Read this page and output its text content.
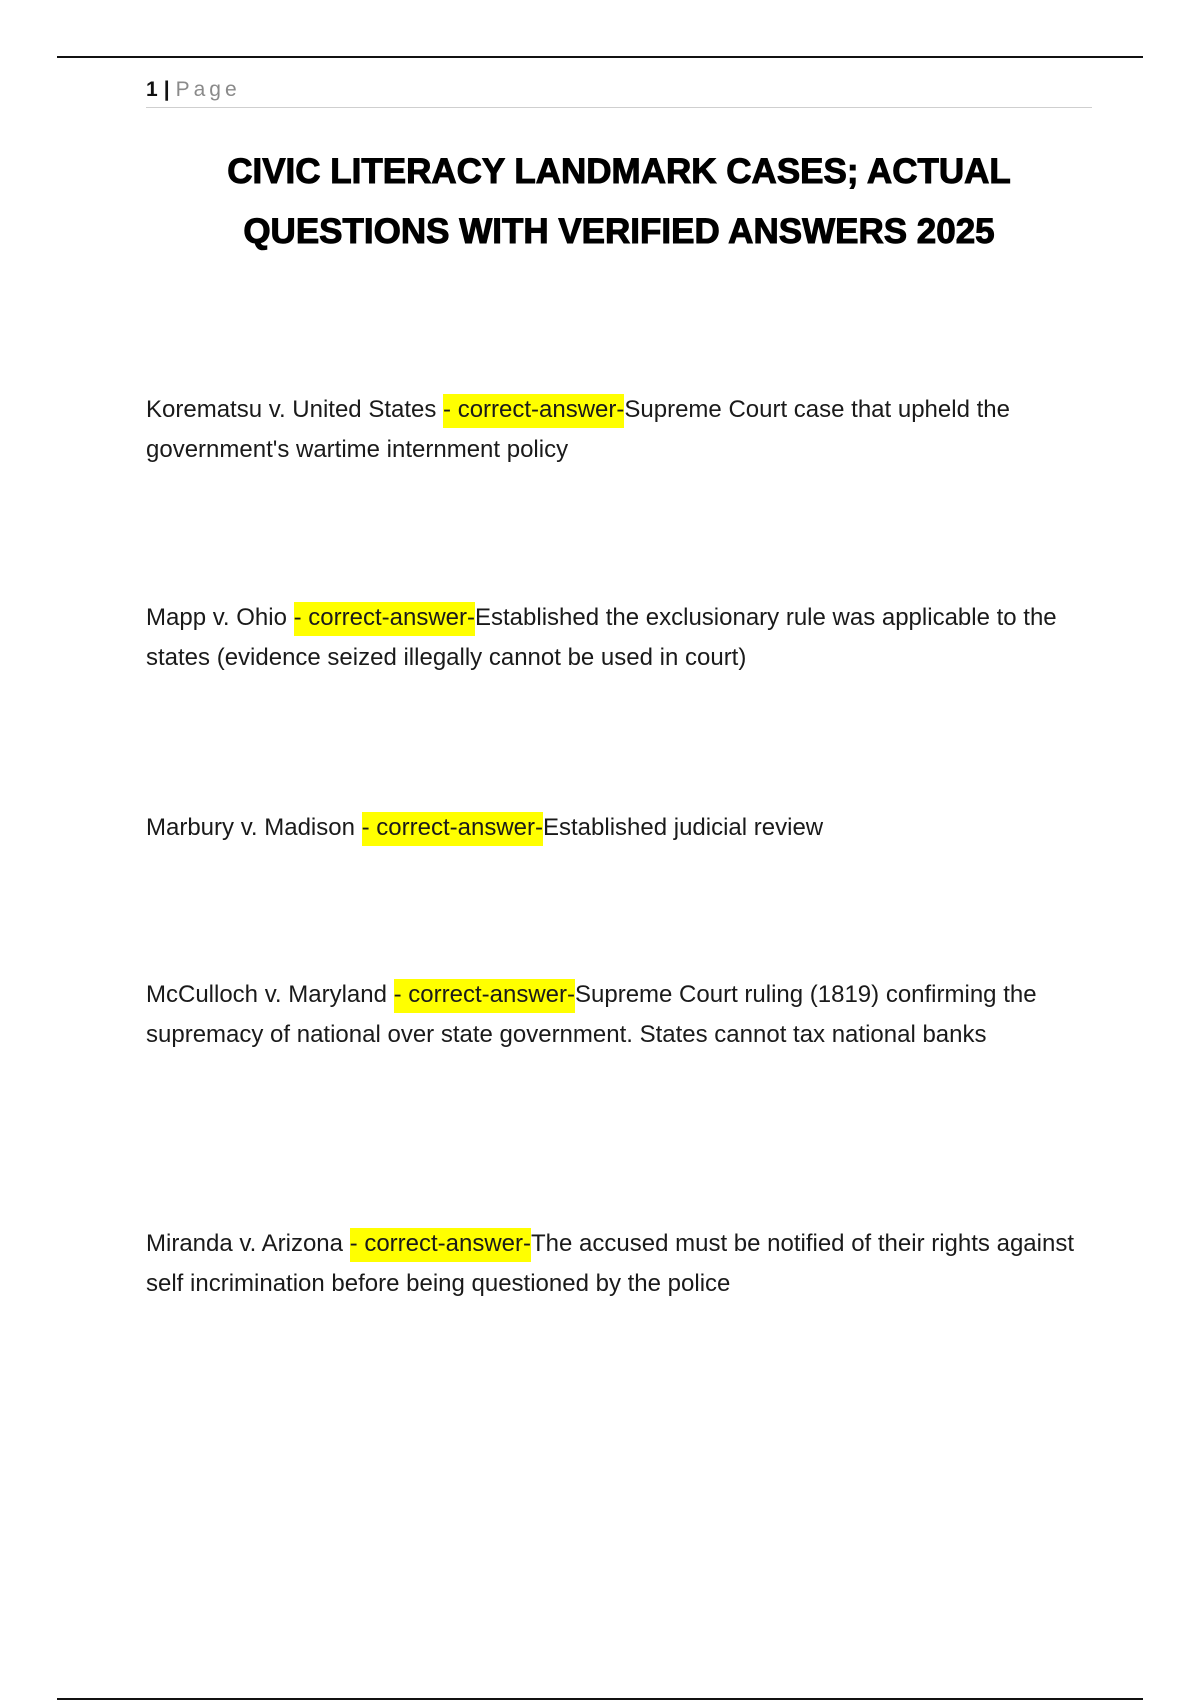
1 | Page
CIVIC LITERACY LANDMARK CASES; ACTUAL QUESTIONS WITH VERIFIED ANSWERS 2025

Korematsu v. United States - correct-answer-Supreme Court case that upheld the government's wartime internment policy

Mapp v. Ohio - correct-answer-Established the exclusionary rule was applicable to the states (evidence seized illegally cannot be used in court)

Marbury v. Madison - correct-answer-Established judicial review

McCulloch v. Maryland - correct-answer-Supreme Court ruling (1819) confirming the supremacy of national over state government. States cannot tax national banks

Miranda v. Arizona - correct-answer-The accused must be notified of their rights against self incrimination before being questioned by the police
